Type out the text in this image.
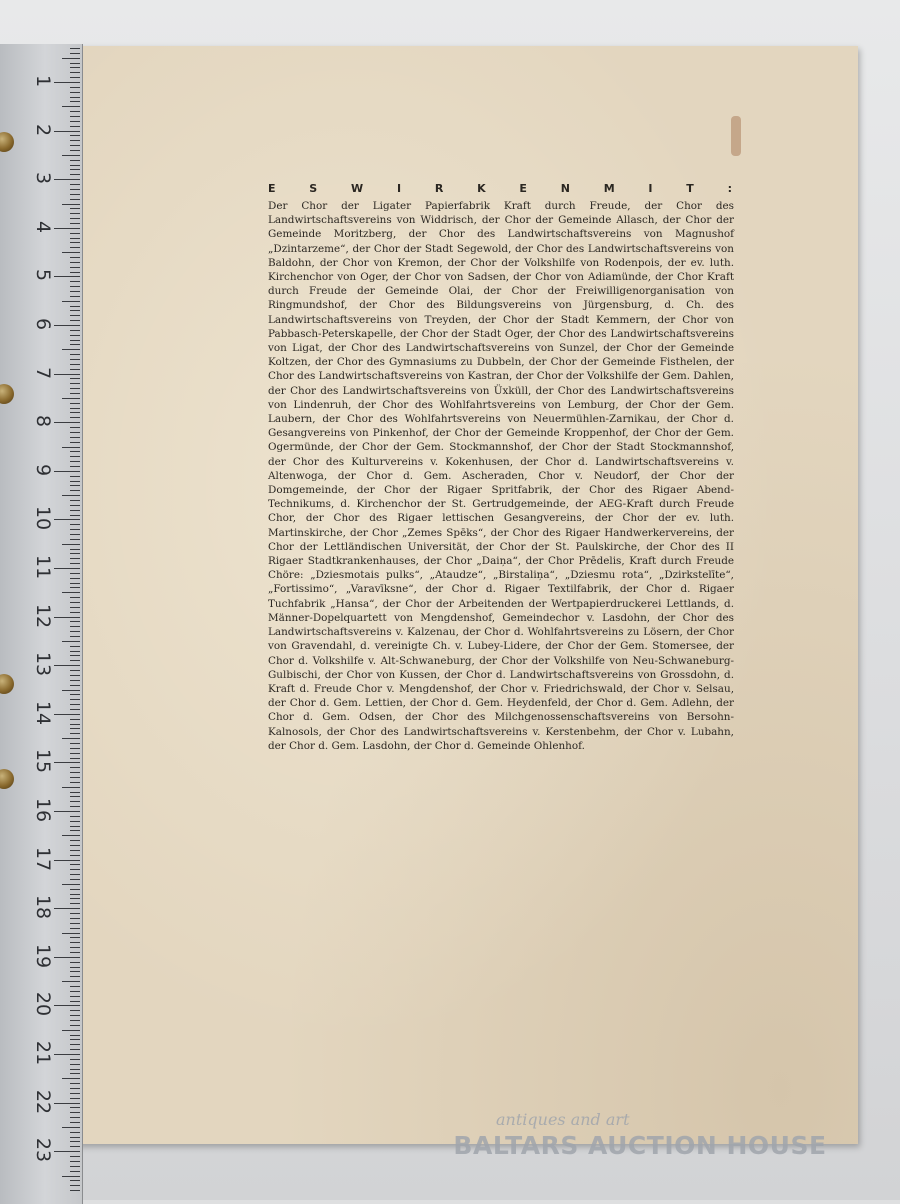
E	S	W	I	R	K	E	N	M	I	T	:

Der Chor der Ligater Papierfabrik Kraft durch Freude, der Chor des Landwirtschaftsvereins von Widdrisch, der Chor der Gemeinde Allasch, der Chor der Gemeinde Moritzberg, der Chor des Landwirtschaftsvereins von Magnushof „Dzintarzeme“, der Chor der Stadt Segewold, der Chor des Landwirtschaftsvereins von Baldohn, der Chor von Kremon, der Chor der Volkshilfe von Rodenpois, der ev. luth. Kirchenchor von Oger, der Chor von Sadsen, der Chor von Adiamünde, der Chor Kraft durch Freude der Gemeinde Olai, der Chor der Freiwilligenorganisation von Ringmundshof, der Chor des Bildungsvereins von Jürgensburg, d. Ch. des Landwirtschaftsvereins von Treyden, der Chor der Stadt Kemmern, der Chor von Pabbasch-Peterskapelle, der Chor der Stadt Oger, der Chor des Landwirtschaftsvereins von Ligat, der Chor des Landwirtschaftsvereins von Sunzel, der Chor der Gemeinde Koltzen, der Chor des Gymnasiums zu Dubbeln, der Chor der Gemeinde Fisthelen, der Chor des Landwirtschaftsvereins von Kastran, der Chor der Volkshilfe der Gem. Dahlen, der Chor des Landwirtschaftsvereins von Üxküll, der Chor des Landwirtschaftsvereins von Lindenruh, der Chor des Wohlfahrtsvereins von Lemburg, der Chor der Gem. Laubern, der Chor des Wohlfahrtsvereins von Neuermühlen-Zarnikau, der Chor d. Gesangvereins von Pinkenhof, der Chor der Gemeinde Kroppenhof, der Chor der Gem. Ogermünde, der Chor der Gem. Stockmannshof, der Chor der Stadt Stockmannshof, der Chor des Kulturvereins v. Kokenhusen, der Chor d. Landwirtschaftsvereins v. Altenwoga, der Chor d. Gem. Ascheraden, Chor v. Neudorf, der Chor der Domgemeinde, der Chor der Rigaer Spritfabrik, der Chor des Rigaer Abend-Technikums, d. Kirchenchor der St. Gertrudgemeinde, der AEG-Kraft durch Freude Chor, der Chor des Rigaer lettischen Gesangvereins, der Chor der ev. luth. Martinskirche, der Chor „Zemes Spēks“, der Chor des Rigaer Handwerkervereins, der Chor der Lettländischen Universität, der Chor der St. Paulskirche, der Chor des II Rigaer Stadtkrankenhauses, der Chor „Daiņa“, der Chor Prēdelis, Kraft durch Freude Chöre: „Dziesmotais pulks“, „Ataudze“, „Birstaliņa“, „Dziesmu rota“, „Dzirkstelīte“, „Fortissimo“, „Varavīksne“, der Chor d. Rigaer Textilfabrik, der Chor d. Rigaer Tuchfabrik „Hansa“, der Chor der Arbeitenden der Wertpapierdruckerei Lettlands, d. Männer-Dopelquartett von Mengdenshof, Gemeindechor v. Lasdohn, der Chor des Landwirtschaftsvereins v. Kalzenau, der Chor d. Wohlfahrtsvereins zu Lösern, der Chor von Gravendahl, d. vereinigte Ch. v. Lubey-Lidere, der Chor der Gem. Stomersee, der Chor d. Volkshilfe v. Alt-Schwaneburg, der Chor der Volkshilfe von Neu-Schwaneburg-Gulbischi, der Chor von Kussen, der Chor d. Landwirtschaftsvereins von Grossdohn, d. Kraft d. Freude Chor v. Mengdenshof, der Chor v. Friedrichswald, der Chor v. Selsau, der Chor d. Gem. Lettien, der Chor d. Gem. Heydenfeld, der Chor d. Gem. Adlehn, der Chor d. Gem. Odsen, der Chor des Milchgenossenschaftsvereins von Bersohn-Kalnosols, der Chor des Landwirtschaftsvereins v. Kerstenbehm, der Chor v. Lubahn, der Chor d. Gem. Lasdohn, der Chor d. Gemeinde Ohlenhof.

1
2
3
4
5
6
7
8
9
10
11
12
13
14
15
16
17
18
19
20
21
22
23
antiques and art
BALTARS AUCTION HOUSE
